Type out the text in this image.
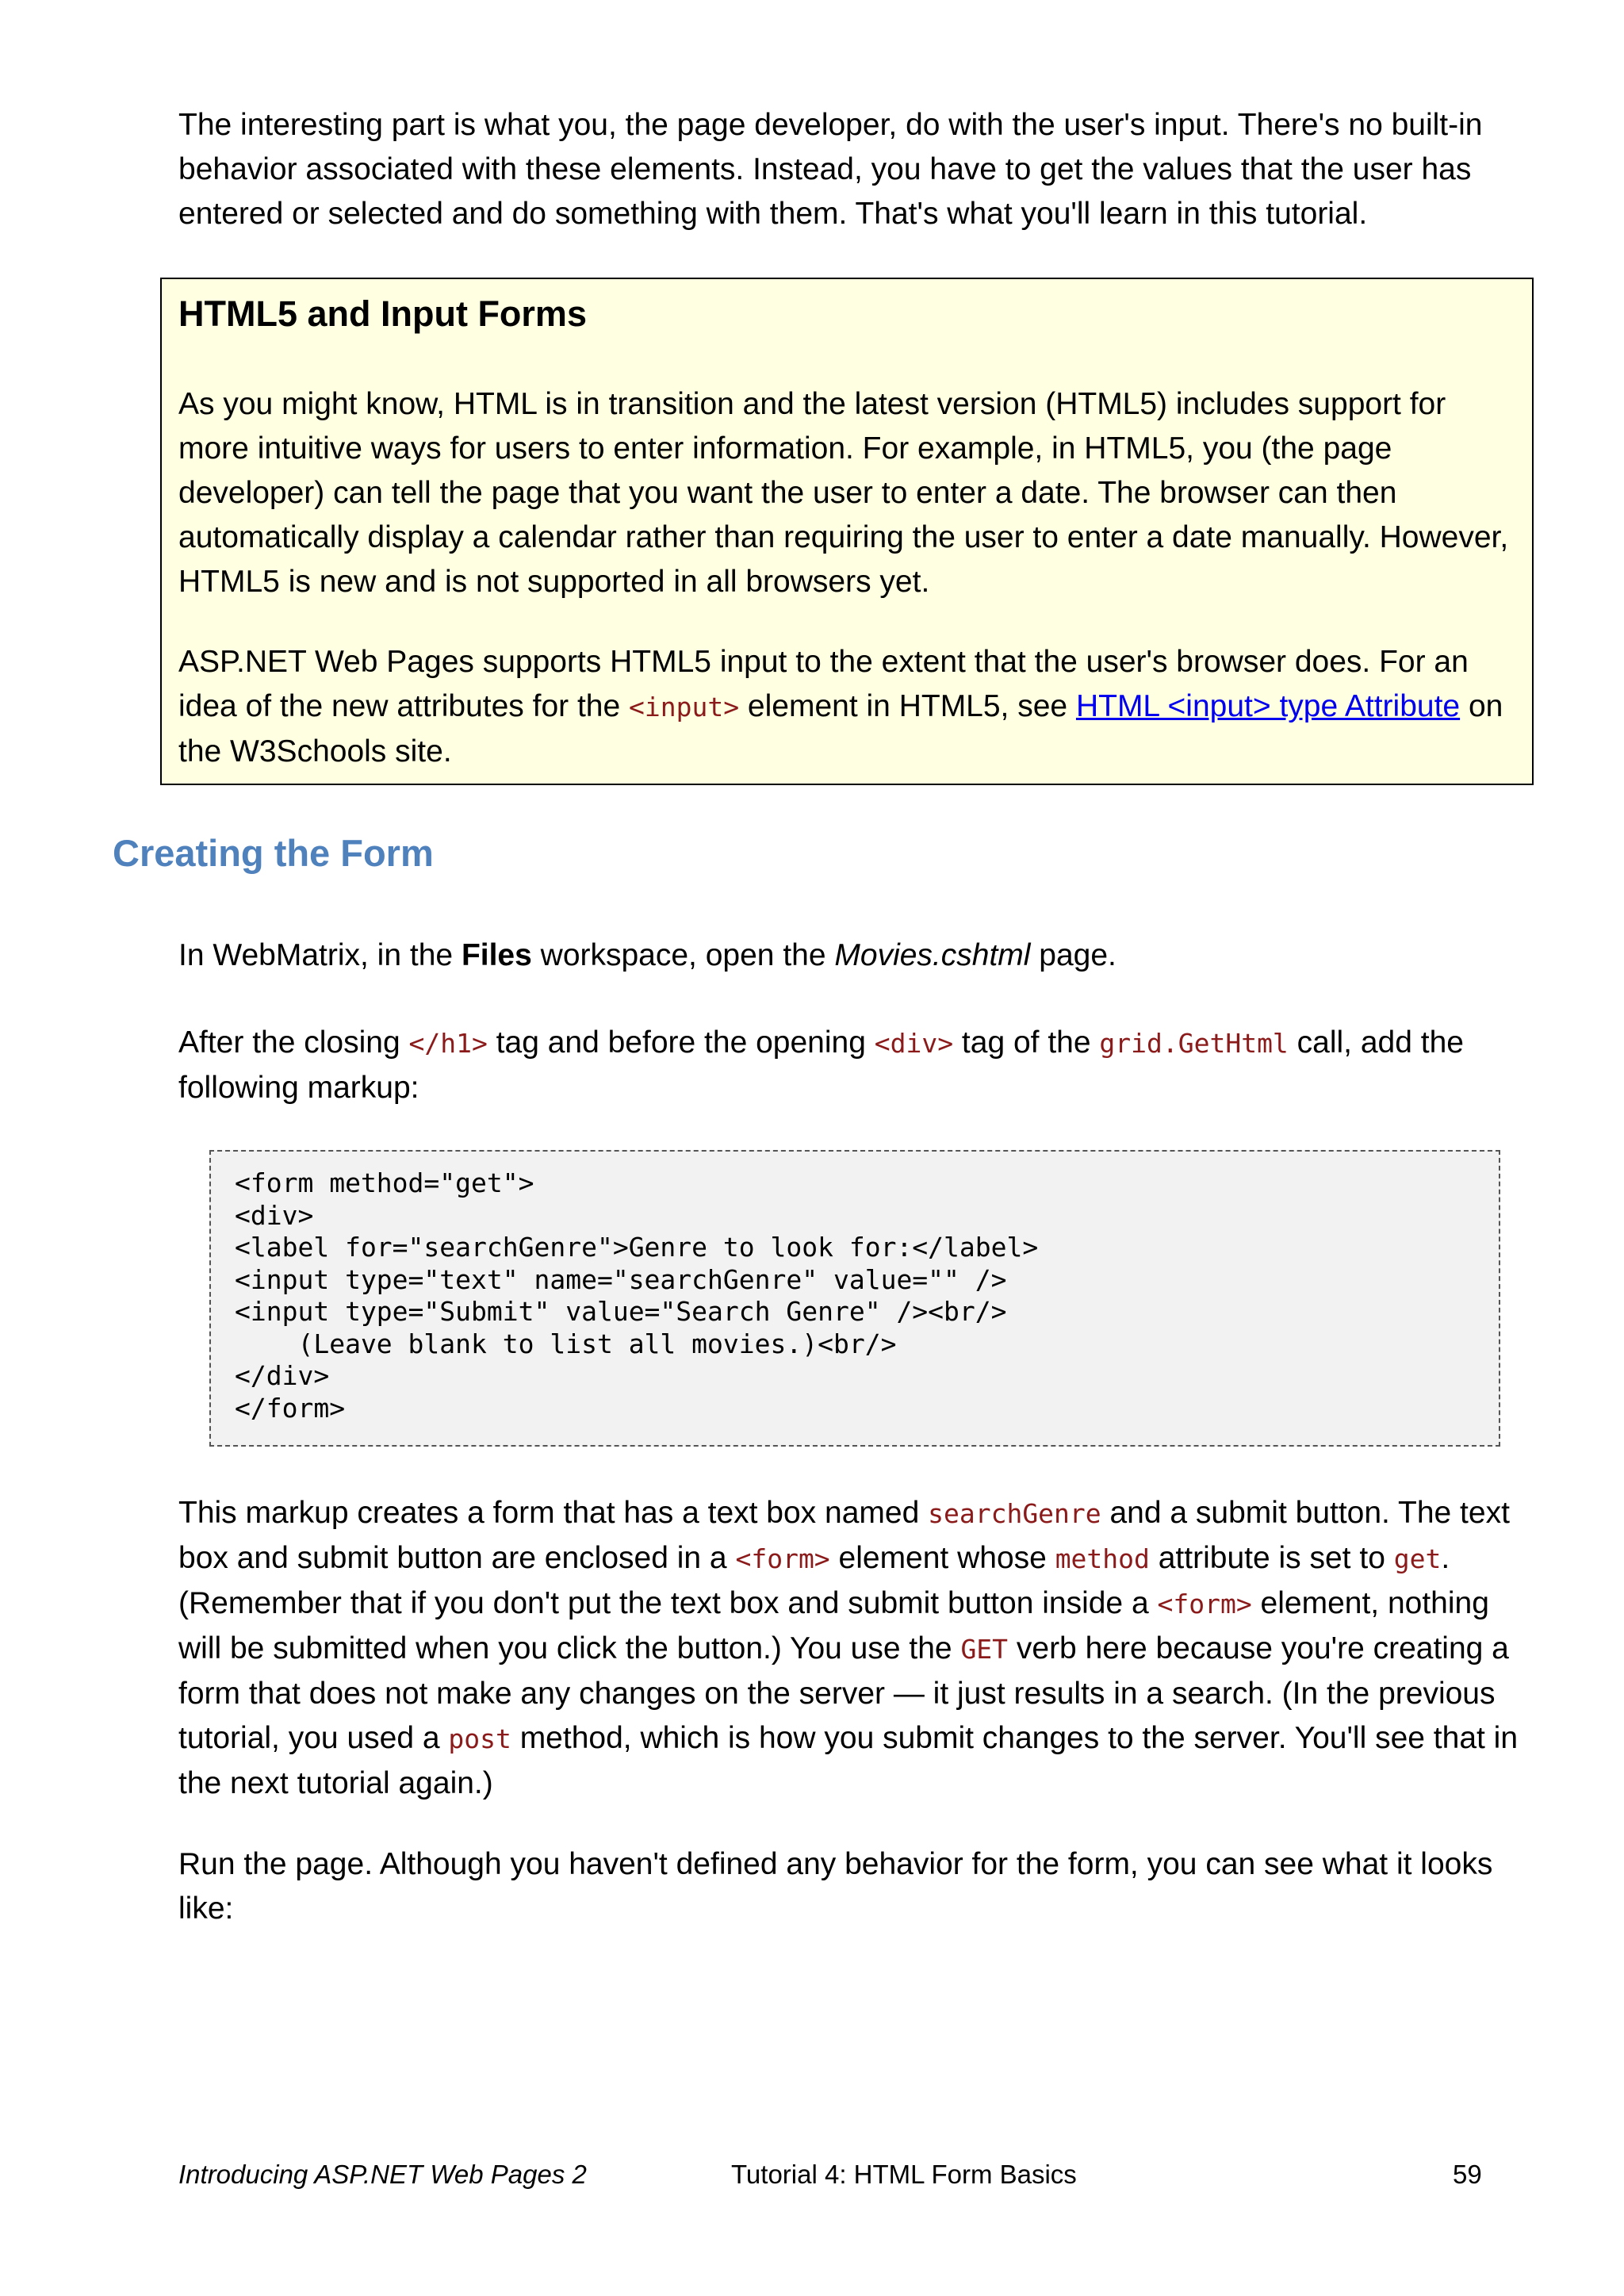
The interesting part is what you, the page developer, do with the user's input. There's no built-in behavior associated with these elements. Instead, you have to get the values that the user has entered or selected and do something with them. That's what you'll learn in this tutorial.

HTML5 and Input Forms

As you might know, HTML is in transition and the latest version (HTML5) includes support for more intuitive ways for users to enter information. For example, in HTML5, you (the page developer) can tell the page that you want the user to enter a date. The browser can then automatically display a calendar rather than requiring the user to enter a date manually. However, HTML5 is new and is not supported in all browsers yet.

ASP.NET Web Pages supports HTML5 input to the extent that the user's browser does. For an idea of the new attributes for the <input> element in HTML5, see HTML <input> type Attribute on the W3Schools site.

Creating the Form

In WebMatrix, in the Files workspace, open the Movies.cshtml page.

After the closing </h1> tag and before the opening <div> tag of the grid.GetHtml call, add the following markup:

<form method="get">
<div>
<label for="searchGenre">Genre to look for:</label>
<input type="text" name="searchGenre" value="" />
<input type="Submit" value="Search Genre" /><br/>
(Leave blank to list all movies.)<br/>
</div>
</form>

This markup creates a form that has a text box named searchGenre and a submit button. The text box and submit button are enclosed in a <form> element whose method attribute is set to get. (Remember that if you don't put the text box and submit button inside a <form> element, nothing will be submitted when you click the button.) You use the GET verb here because you're creating a form that does not make any changes on the server — it just results in a search. (In the previous tutorial, you used a post method, which is how you submit changes to the server. You'll see that in the next tutorial again.)

Run the page. Although you haven't defined any behavior for the form, you can see what it looks like:

Introducing ASP.NET Web Pages 2	Tutorial 4: HTML Form Basics	59
